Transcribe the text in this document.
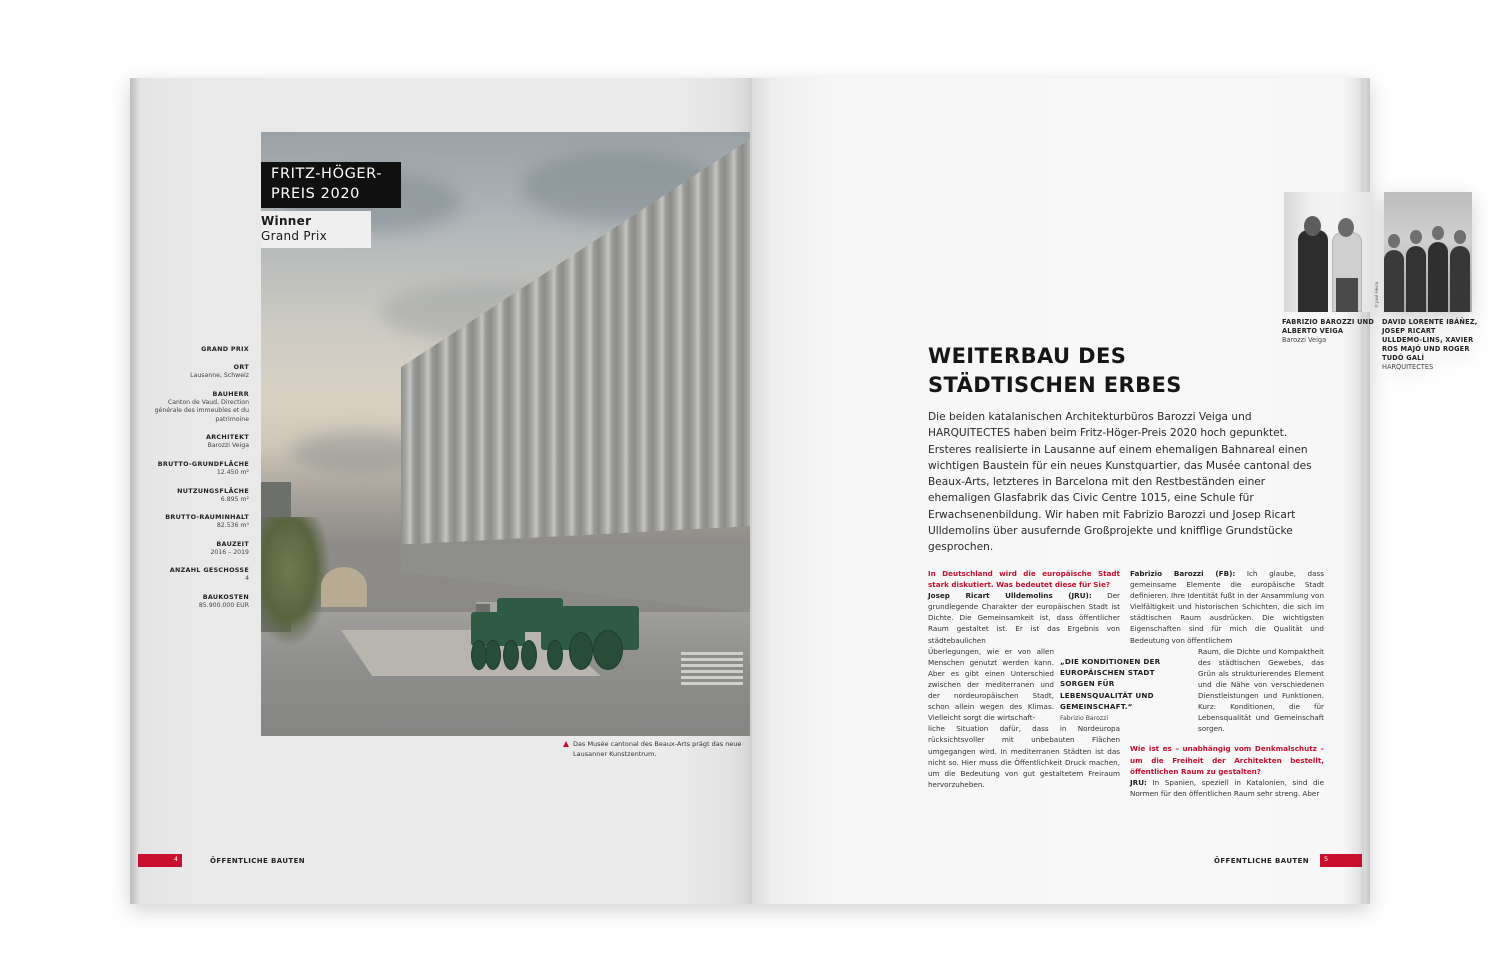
FRITZ-HÖGER-
PREIS 2020
Winner
Grand Prix
GRAND PRIX
ORT
Lausanne, Schweiz
BAUHERR
Canton de Vaud, Direction générale des immeubles et du patrimoine
ARCHITEKT
Barozzi Veiga
BRUTTO-GRUNDFLÄCHE
12.450 m²
NUTZUNGSFLÄCHE
6.895 m²
BRUTTO-RAUMINHALT
82.536 m³
BAUZEIT
2016 – 2019
ANZAHL GESCHOSSE
4
BAUKOSTEN
85.900.000 EUR
Das Musée cantonal des Beaux-Arts prägt das neue Lausanner Kunstzentrum.
4	ÖFFENTLICHE BAUTEN
© José Hevia
FABRIZIO BAROZZI UND ALBERTO VEIGA
Barozzi Veiga
DAVID LORENTE IBÁÑEZ, JOSEP RICART ULLDEMO-LINS, XAVIER ROS MAJÓ UND ROGER TUDÓ GALÍ
HARQUITECTES
WEITERBAU DES
STÄDTISCHEN ERBES
Die beiden katalanischen Architekturbüros Barozzi Veiga und HARQUITECTES haben beim Fritz-Höger-Preis 2020 hoch gepunktet. Ersteres realisierte in Lausanne auf einem ehemaligen Bahnareal einen wichtigen Baustein für ein neues Kunstquartier, das Musée cantonal des Beaux-Arts, letzteres in Barcelona mit den Restbeständen einer ehemaligen Glasfabrik das Civic Centre 1015, eine Schule für Erwachsenenbildung. Wir haben mit Fabrizio Barozzi und Josep Ricart Ulldemolins über ausufernde Großprojekte und knifflige Grundstücke gesprochen.
In Deutschland wird die europäische Stadt stark diskutiert. Was bedeutet diese für Sie?
Josep Ricart Ulldemolins (JRU): Der grundlegende Charakter der europäischen Stadt ist Dichte. Die Gemeinsamkeit ist, dass öffentlicher Raum gestaltet ist. Er ist das Ergebnis von städtebaulichen
Überlegungen, wie er von allen Menschen genutzt werden kann. Aber es gibt einen Unterschied zwischen der mediterranen und der nordeuropäischen Stadt, schon allein wegen des Klimas. Vielleicht sorgt die wirtschaft-
liche Situation dafür, dass in Nordeuropa rücksichtsvoller mit unbebauten Flächen umgegangen wird. In mediterranen Städten ist das nicht so. Hier muss die Öffentlichkeit Druck machen, um die Bedeutung von gut gestaltetem Freiraum hervorzuheben.
„DIE KONDITIONEN DER EUROPÄISCHEN STADT SORGEN FÜR LEBENSQUALITÄT UND GEMEINSCHAFT.“
Fabrizio Barozzi
Fabrizio Barozzi (FB): Ich glaube, dass gemeinsame Elemente die europäische Stadt definieren. Ihre Identität fußt in der Ansammlung von Vielfältigkeit und historischen Schichten, die sich im städtischen Raum ausdrücken. Die wichtigsten Eigenschaften sind für mich die Qualität und Bedeutung von öffentlichem
Raum, die Dichte und Kompaktheit des städtischen Gewebes, das Grün als strukturierendes Element und die Nähe von verschiedenen Dienstleistungen und Funktionen. Kurz: Konditionen, die für Lebensqualität und Gemeinschaft sorgen.
Wie ist es – unabhängig vom Denkmalschutz – um die Freiheit der Architekten bestellt, öffentlichen Raum zu gestalten?
JRU: In Spanien, speziell in Katalonien, sind die Normen für den öffentlichen Raum sehr streng. Aber
ÖFFENTLICHE BAUTEN 5
